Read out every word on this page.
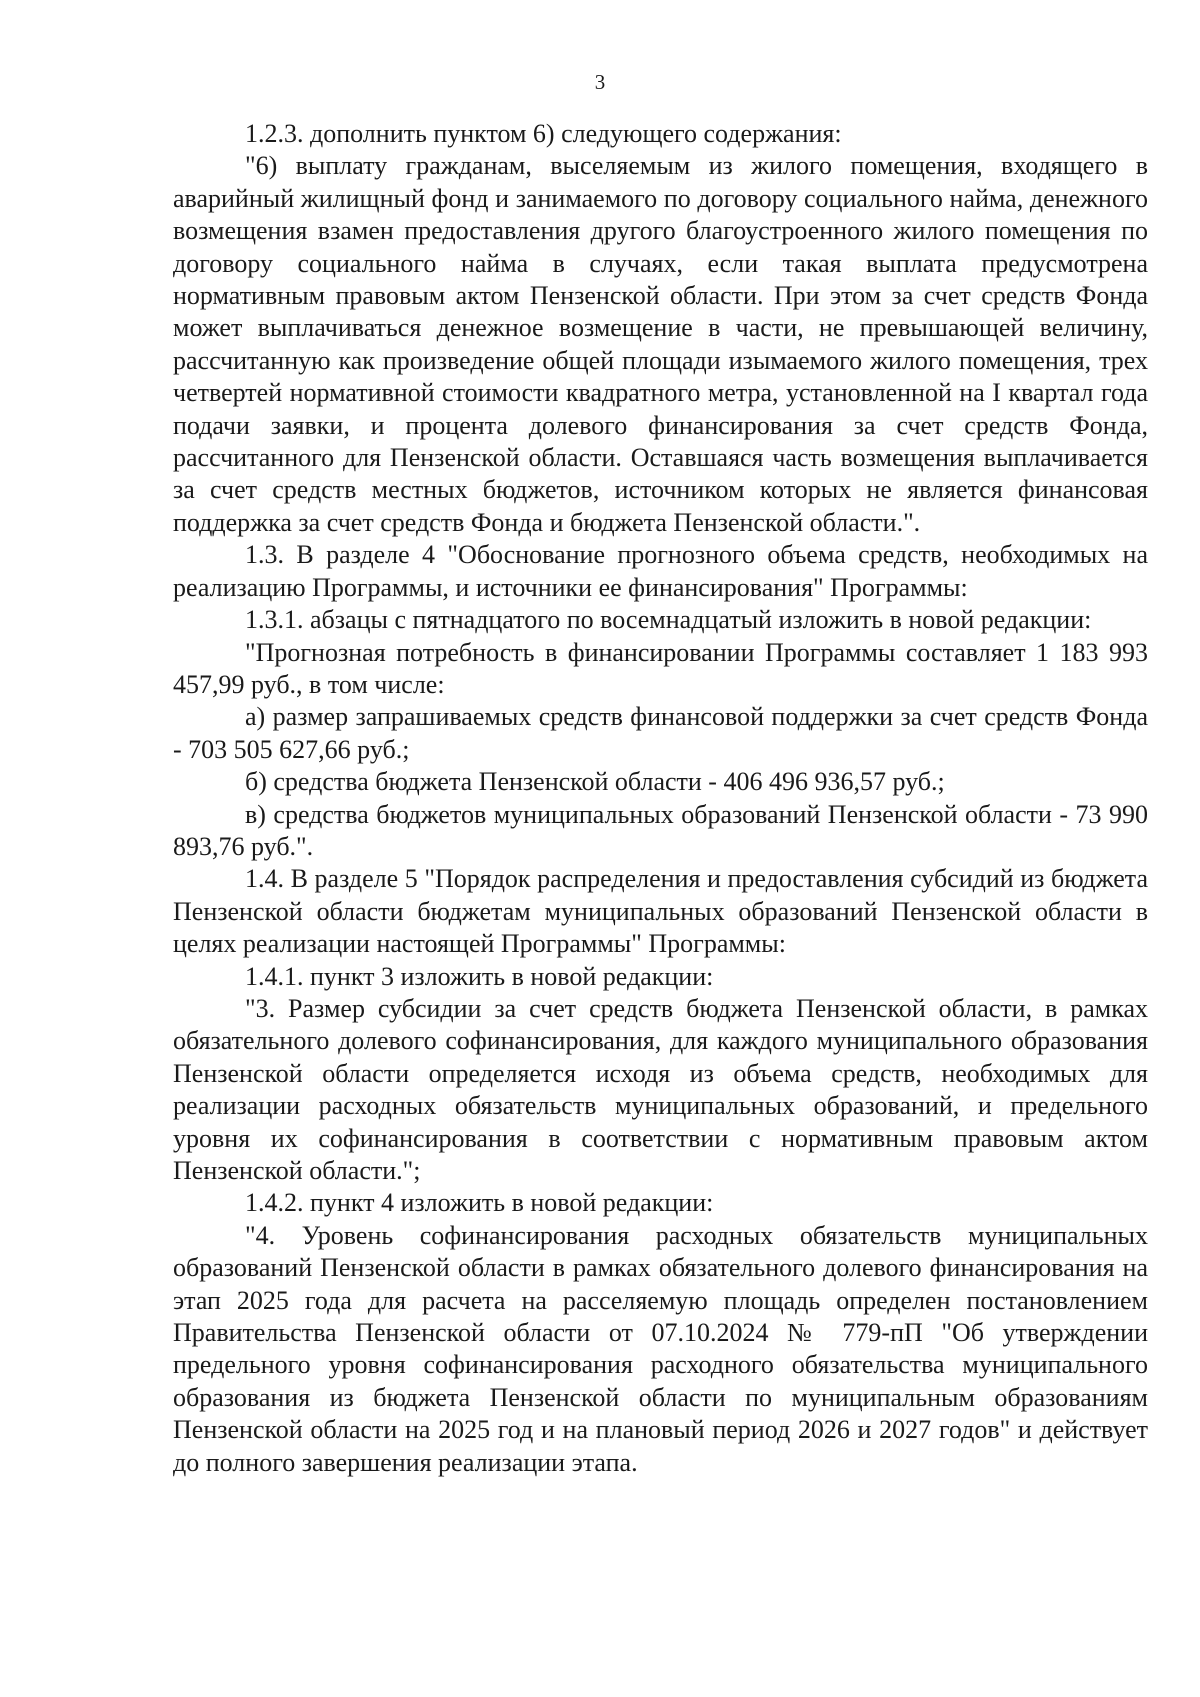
3

1.2.3. дополнить пунктом 6) следующего содержания:

"6) выплату гражданам, выселяемым из жилого помещения, входящего в аварийный жилищный фонд и занимаемого по договору социального найма, денежного возмещения взамен предоставления другого благоустроенного жилого помещения по договору социального найма в случаях, если такая выплата предусмотрена нормативным правовым актом Пензенской области. При этом за счет средств Фонда может выплачиваться денежное возмещение в части, не превышающей величину, рассчитанную как произведение общей площади изымаемого жилого помещения, трех четвертей нормативной стоимости квадратного метра, установленной на I квартал года подачи заявки, и процента долевого финансирования за счет средств Фонда, рассчитанного для Пензенской области. Оставшаяся часть возмещения выплачивается за счет средств местных бюджетов, источником которых не является финансовая поддержка за счет средств Фонда и бюджета Пензенской области.".

1.3. В разделе 4 "Обоснование прогнозного объема средств, необходимых на реализацию Программы, и источники ее финансирования" Программы:

1.3.1. абзацы с пятнадцатого по восемнадцатый изложить в новой редакции:

"Прогнозная потребность в финансировании Программы составляет 1 183 993 457,99 руб., в том числе:

а) размер запрашиваемых средств финансовой поддержки за счет средств Фонда - 703 505 627,66 руб.;

б) средства бюджета Пензенской области - 406 496 936,57 руб.;

в) средства бюджетов муниципальных образований Пензенской области - 73 990 893,76 руб.".

1.4. В разделе 5 "Порядок распределения и предоставления субсидий из бюджета Пензенской области бюджетам муниципальных образований Пензенской области в целях реализации настоящей Программы" Программы:

1.4.1. пункт 3 изложить в новой редакции:

"3. Размер субсидии за счет средств бюджета Пензенской области, в рамках обязательного долевого софинансирования, для каждого муниципального образования Пензенской области определяется исходя из объема средств, необходимых для реализации расходных обязательств муниципальных образований, и предельного уровня их софинансирования в соответствии с нормативным правовым актом Пензенской области.";

1.4.2. пункт 4 изложить в новой редакции:

"4. Уровень софинансирования расходных обязательств муниципальных образований Пензенской области в рамках обязательного долевого финансирования на этап 2025 года для расчета на расселяемую площадь определен постановлением Правительства Пензенской области от 07.10.2024 № 779-пП "Об утверждении предельного уровня софинансирования расходного обязательства муниципального образования из бюджета Пензенской области по муниципальным образованиям Пензенской области на 2025 год и на плановый период 2026 и 2027 годов" и действует до полного завершения реализации этапа.
